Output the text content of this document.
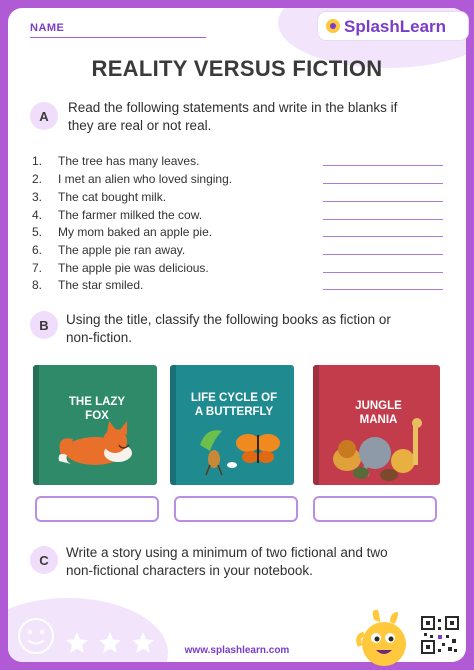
NAME	SplashLearn
REALITY VERSUS FICTION
A
Read the following statements and write in the blanks if
they are real or not real.
1. The tree has many leaves.
2. I met an alien who loved singing.
3. The cat bought milk.
4. The farmer milked the cow.
5. My mom baked an apple pie.
6. The apple pie ran away.
7. The apple pie was delicious.
8. The star smiled.
B	Using the title, classify the following books as fiction or
non-fiction.
THE LAZY
FOX
LIFE CYCLE OF
A BUTTERFLY	JUNGLE
MANIA
C	Write a story using a minimum of two fictional and two
non-fictional characters in your notebook.
www.splashlearn.com
